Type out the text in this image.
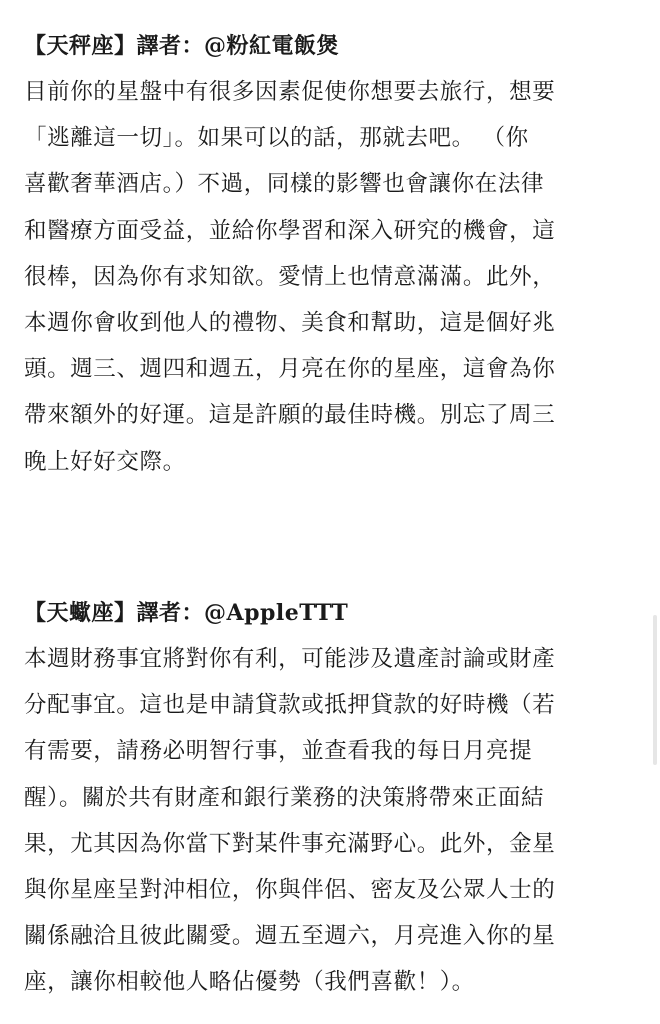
【天秤座】譯者：@粉紅電飯煲
目前你的星盤中有很多因素促使你想要去旅行，想要
「逃離這一切」。如果可以的話，那就去吧。 （你
喜歡奢華酒店。）不過，同樣的影響也會讓你在法律
和醫療方面受益，並給你學習和深入研究的機會，這
很棒，因為你有求知欲。愛情上也情意滿滿。此外，
本週你會收到他人的禮物、美食和幫助，這是個好兆
頭。週三、週四和週五，月亮在你的星座，這會為你
帶來額外的好運。這是許願的最佳時機。別忘了周三
晚上好好交際。
【天蠍座】譯者：@AppleTTT
本週財務事宜將對你有利，可能涉及遺產討論或財產
分配事宜。這也是申請貸款或抵押貸款的好時機（若
有需要，請務必明智行事，並查看我的每日月亮提
醒）。關於共有財產和銀行業務的決策將帶來正面結
果，尤其因為你當下對某件事充滿野心。此外，金星
與你星座呈對沖相位，你與伴侶、密友及公眾人士的
關係融洽且彼此關愛。週五至週六，月亮進入你的星
座，讓你相較他人略佔優勢（我們喜歡！）。
